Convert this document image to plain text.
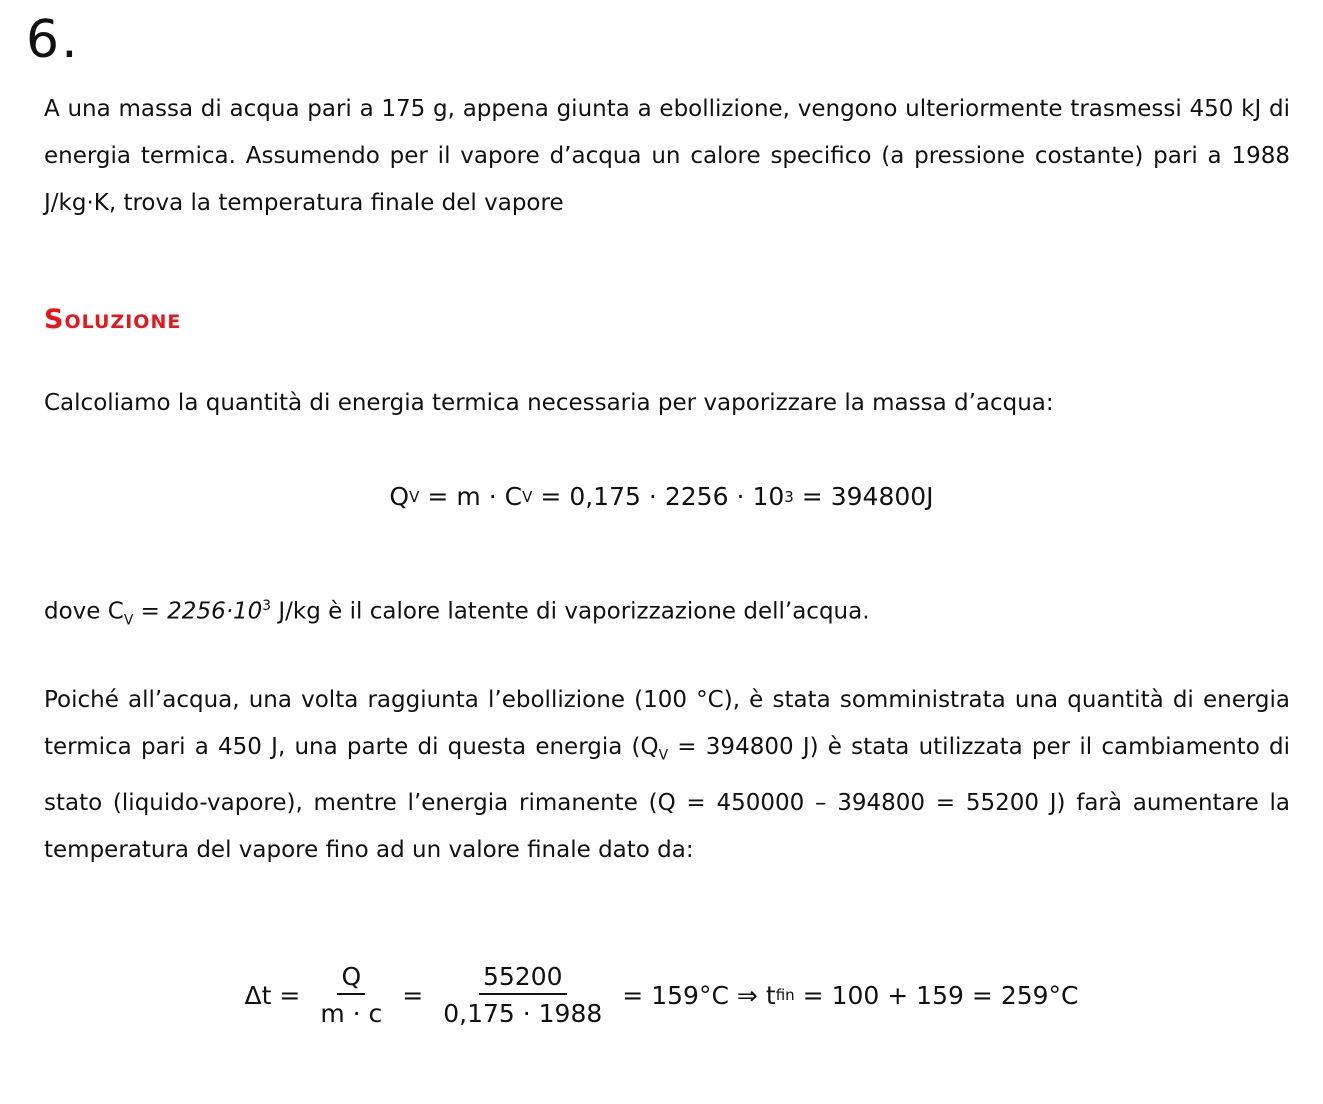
6.
A una massa di acqua pari a 175 g, appena giunta a ebollizione, vengono ulteriormente trasmessi 450 kJ di energia termica. Assumendo per il vapore d’acqua un calore specifico (a pressione costante) pari a 1988 J/kg·K, trova la temperatura finale del vapore
Soluzione
Calcoliamo la quantità di energia termica necessaria per vaporizzare la massa d’acqua:
Q V = m · C V = 0,175 · 2256 · 10 3 = 394800J
dove $C_V = 2256\cdot 10^3$ J/kg è il calore latente di vaporizzazione dell’acqua.
Poiché all’acqua, una volta raggiunta l’ebollizione (100 °C), è stata somministrata una quantità di energia termica pari a 450 J, una parte di questa energia ($Q_V = 394800$ J) è stata utilizzata per il cambiamento di stato (liquido-vapore), mentre l’energia rimanente (Q = 450000 – 394800 = 55200 J) farà aumentare la temperatura del vapore fino ad un valore finale dato da:
$\Delta t = \frac{Q}{m \cdot c} = \frac{55200}{0,175 \cdot 1988} = 159^\circ C$ ⇒ t fin = 100 + 159 = 259°C
